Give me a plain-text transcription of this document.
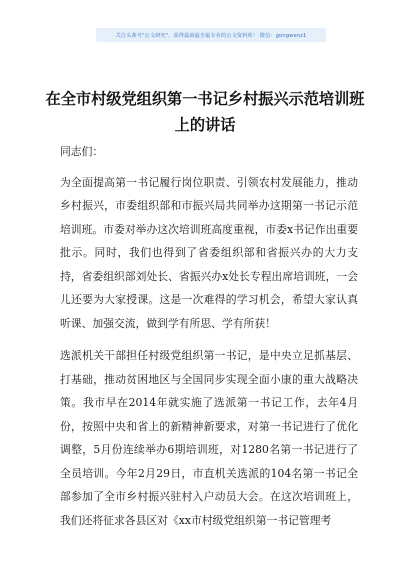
关注头条号"公文研究"，获得最新最全最专业的公文资料库！ 微信：gongwenz1
在全市村级党组织第一书记乡村振兴示范培训班上的讲话

同志们：

为全面提高第一书记履行岗位职责、引领农村发展能力，推动乡村振兴，市委组织部和市振兴局共同举办这期第一书记示范培训班。市委对举办这次培训班高度重视，市委x书记作出重要批示。同时，我们也得到了省委组织部和省振兴办的大力支持，省委组织部刘处长、省振兴办x处长专程出席培训班，一会儿还要为大家授课。这是一次难得的学习机会，希望大家认真听课、加强交流，做到学有所思、学有所获！

选派机关干部担任村级党组织第一书记，是中央立足抓基层、打基础，推动贫困地区与全国同步实现全面小康的重大战略决策。我市早在2014年就实施了选派第一书记工作，去年4月份，按照中央和省上的新精神新要求，对第一书记进行了优化调整，5月份连续举办6期培训班，对1280名第一书记进行了全员培训。今年2月29日，市直机关选派的104名第一书记全部参加了全市乡村振兴驻村入户动员大会。在这次培训班上，我们还将征求各县区对《xx市村级党组织第一书记管理考
